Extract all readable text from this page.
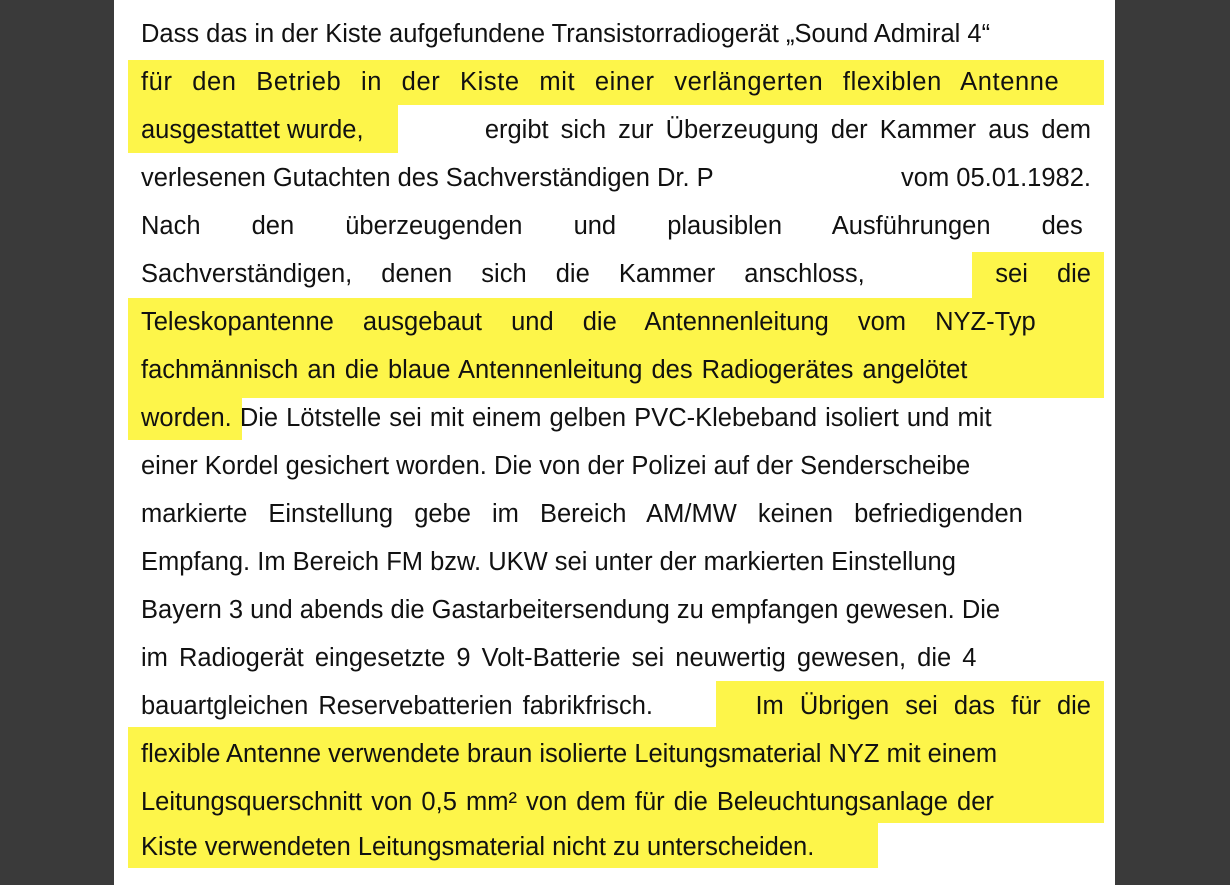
Dass das in der Kiste aufgefundene Transistorradiogerät „Sound Admiral 4“
für den Betrieb in der Kiste mit einer verlängerten flexiblen Antenne
ausgestattet wurde,	ergibt sich zur Überzeugung der Kammer aus dem
verlesenen Gutachten des Sachverständigen Dr. P	vom 05.01.1982.
Nach den überzeugenden und plausiblen Ausführungen des
Sachverständigen, denen sich die Kammer anschloss,	sei die
Teleskopantenne ausgebaut und die Antennenleitung vom NYZ-Typ
fachmännisch an die blaue Antennenleitung des Radiogerätes angelötet
worden. Die Lötstelle sei mit einem gelben PVC-Klebeband isoliert und mit
einer Kordel gesichert worden. Die von der Polizei auf der Senderscheibe
markierte Einstellung gebe im Bereich AM/MW keinen befriedigenden
Empfang. Im Bereich FM bzw. UKW sei unter der markierten Einstellung
Bayern 3 und abends die Gastarbeitersendung zu empfangen gewesen. Die
im Radiogerät eingesetzte 9 Volt-Batterie sei neuwertig gewesen, die 4
bauartgleichen Reservebatterien fabrikfrisch.	Im Übrigen sei das für die
flexible Antenne verwendete braun isolierte Leitungsmaterial NYZ mit einem
Leitungsquerschnitt von 0,5 mm² von dem für die Beleuchtungsanlage der
Kiste verwendeten Leitungsmaterial nicht zu unterscheiden.
